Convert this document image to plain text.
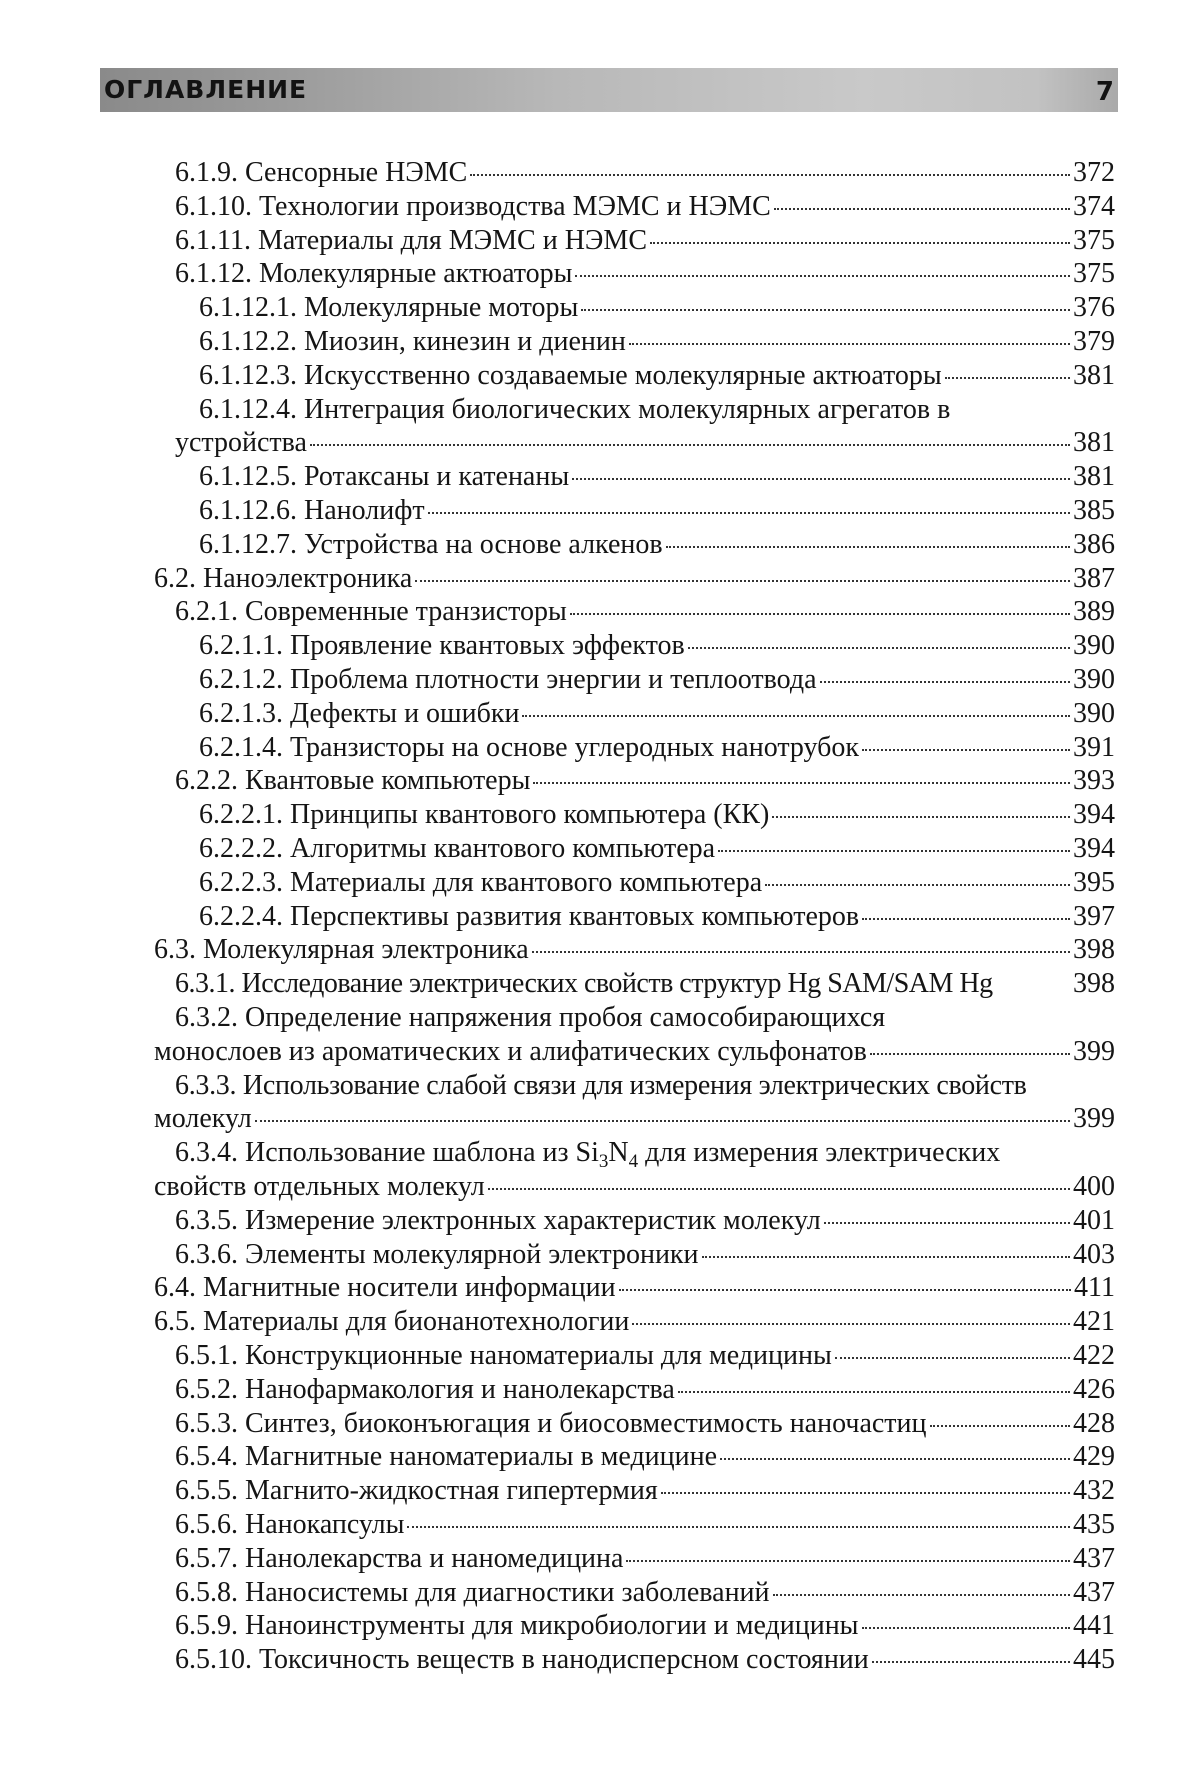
ОГЛАВЛЕНИЕ	7
6.1.9. Сенсорные НЭМС	372
6.1.10. Технологии производства МЭМС и НЭМС	374
6.1.11. Материалы для МЭМС и НЭМС	375
6.1.12. Молекулярные актюаторы	375
6.1.12.1. Молекулярные моторы	376
6.1.12.2. Миозин, кинезин и диенин	379
6.1.12.3. Искусственно создаваемые молекулярные актюаторы	381
6.1.12.4. Интеграция биологических молекулярных агрегатов в
устройства	381
6.1.12.5. Ротаксаны и катенаны	381
6.1.12.6. Нанолифт	385
6.1.12.7. Устройства на основе алкенов	386
6.2. Наноэлектроника	387
6.2.1. Современные транзисторы	389
6.2.1.1. Проявление квантовых эффектов	390
6.2.1.2. Проблема плотности энергии и теплоотвода	390
6.2.1.3. Дефекты и ошибки	390
6.2.1.4. Транзисторы на основе углеродных нанотрубок	391
6.2.2. Квантовые компьютеры	393
6.2.2.1. Принципы квантового компьютера (КК)	394
6.2.2.2. Алгоритмы квантового компьютера	394
6.2.2.3. Материалы для квантового компьютера	395
6.2.2.4. Перспективы развития квантовых компьютеров	397
6.3. Молекулярная электроника	398
6.3.1. Исследование электрических свойств структур Hg SAM/SAM Hg	398
6.3.2. Определение напряжения пробоя самособирающихся
монослоев из ароматических и алифатических сульфонатов	399
6.3.3. Использование слабой связи для измерения электрических свойств
молекул	399
6.3.4. Использование шаблона из $Si_3N_4$ для измерения электрических
свойств отдельных молекул	400
6.3.5. Измерение электронных характеристик молекул	401
6.3.6. Элементы молекулярной электроники	403
6.4. Магнитные носители информации	411
6.5. Материалы для бионанотехнологии	421
6.5.1. Конструкционные наноматериалы для медицины	422
6.5.2. Нанофармакология и нанолекарства	426
6.5.3. Синтез, биоконъюгация и биосовместимость наночастиц	428
6.5.4. Магнитные наноматериалы в медицине	429
6.5.5. Магнито-жидкостная гипертермия	432
6.5.6. Нанокапсулы	435
6.5.7. Нанолекарства и наномедицина	437
6.5.8. Наносистемы для диагностики заболеваний	437
6.5.9. Наноинструменты для микробиологии и медицины	441
6.5.10. Токсичность веществ в нанодисперсном состоянии	445
